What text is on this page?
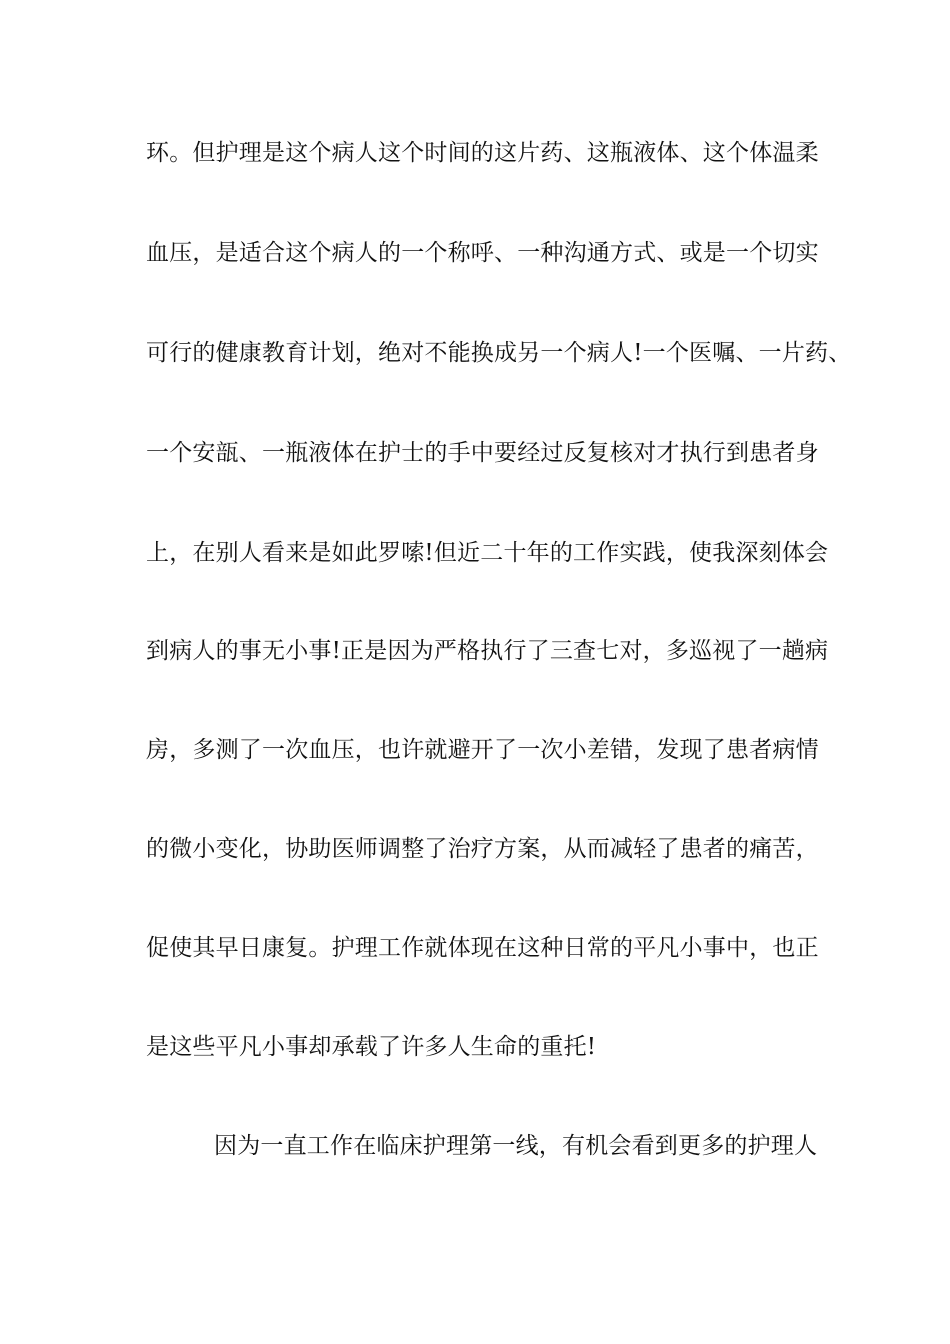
环。但护理是这个病人这个时间的这片药、这瓶液体、这个体温柔
血压，是适合这个病人的一个称呼、一种沟通方式、或是一个切实
可行的健康教育计划，绝对不能换成另一个病人!一个医嘱、一片药、
一个安瓿、一瓶液体在护士的手中要经过反复核对才执行到患者身
上，在别人看来是如此罗嗦!但近二十年的工作实践，使我深刻体会
到病人的事无小事!正是因为严格执行了三查七对，多巡视了一趟病
房，多测了一次血压，也许就避开了一次小差错，发现了患者病情
的微小变化，协助医师调整了治疗方案，从而减轻了患者的痛苦，
促使其早日康复。护理工作就体现在这种日常的平凡小事中，也正
是这些平凡小事却承载了许多人生命的重托!
因为一直工作在临床护理第一线，有机会看到更多的护理人
